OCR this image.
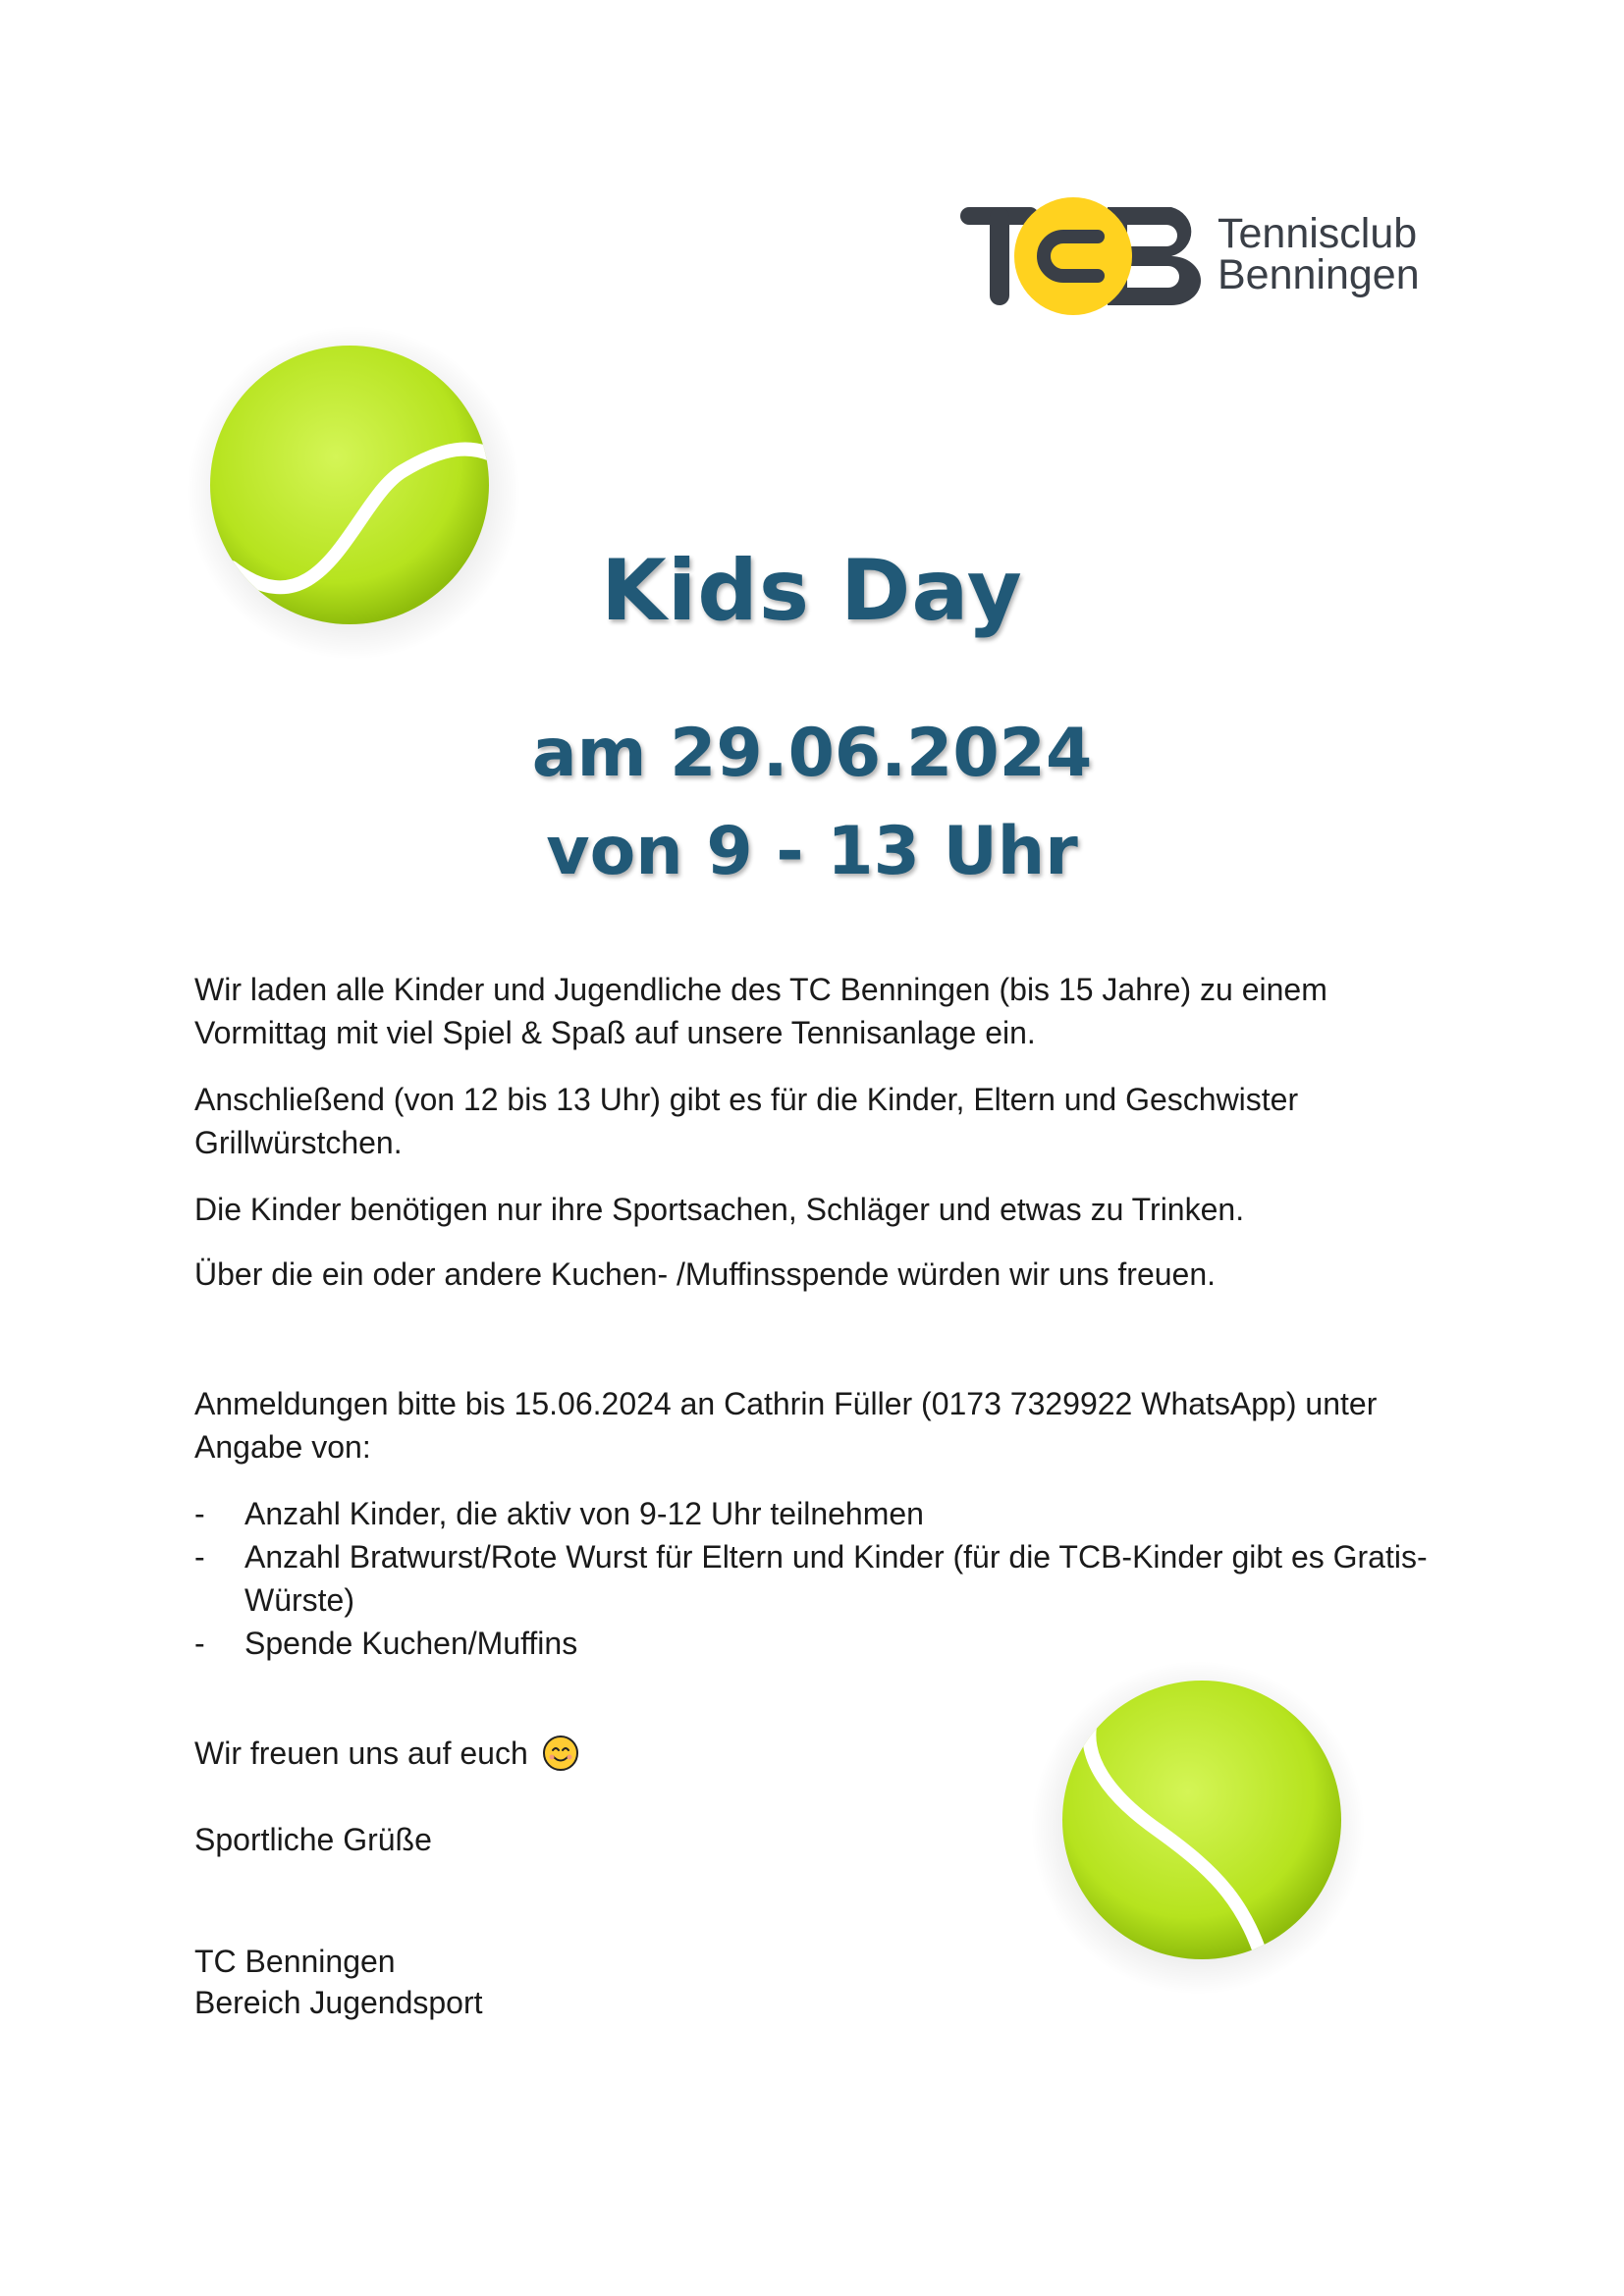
Tennisclub
Benningen
Kids Day
am 29.06.2024
von 9 - 13 Uhr
Wir laden alle Kinder und Jugendliche des TC Benningen (bis 15 Jahre) zu einem Vormittag mit viel Spiel & Spaß auf unsere Tennisanlage ein.
Anschließend (von 12 bis 13 Uhr) gibt es für die Kinder, Eltern und Geschwister Grillwürstchen.
Die Kinder benötigen nur ihre Sportsachen, Schläger und etwas zu Trinken.
Über die ein oder andere Kuchen- /Muffinsspende würden wir uns freuen.
Anmeldungen bitte bis 15.06.2024 an Cathrin Füller (0173 7329922 WhatsApp) unter Angabe von:
- Anzahl Kinder, die aktiv von 9-12 Uhr teilnehmen
- Anzahl Bratwurst/Rote Wurst für Eltern und Kinder (für die TCB-Kinder gibt es Gratis-Würste)
- Spende Kuchen/Muffins
Wir freuen uns auf euch
Sportliche Grüße
TC Benningen
Bereich Jugendsport
